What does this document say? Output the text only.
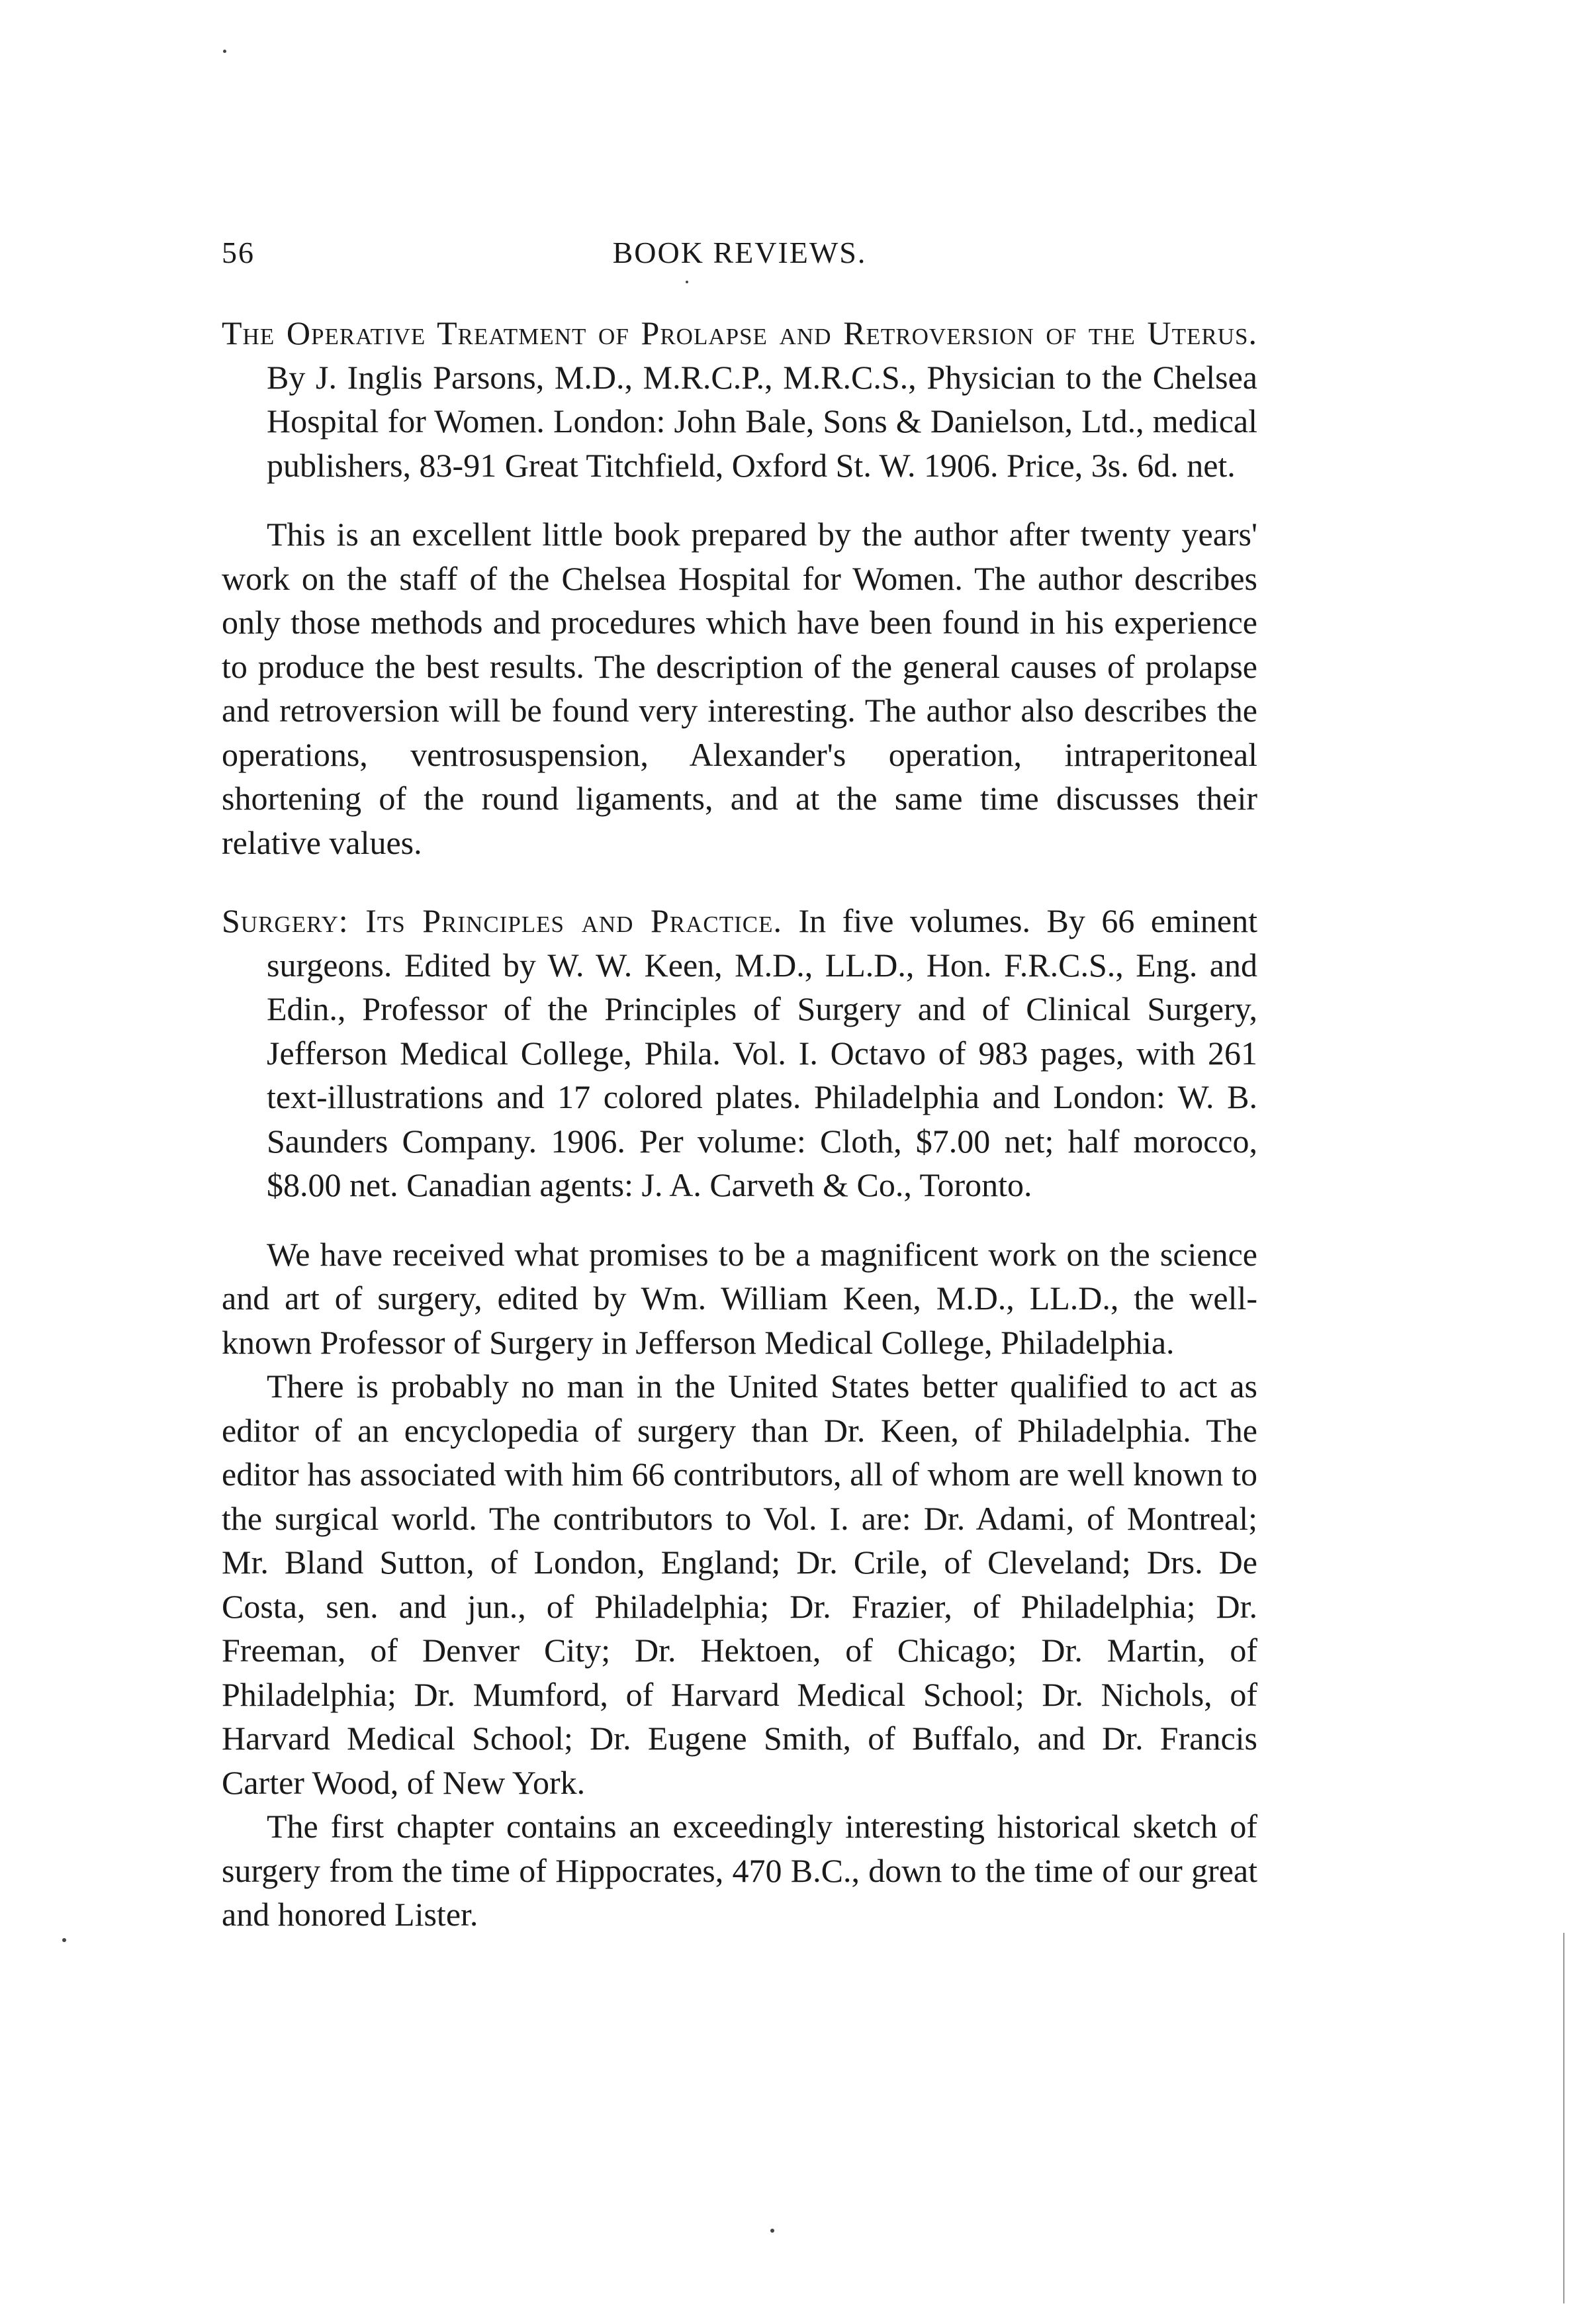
56	BOOK REVIEWS.

The Operative Treatment of Prolapse and Retroversion of the Uterus. By J. Inglis Parsons, M.D., M.R.C.P., M.R.C.S., Physician to the Chelsea Hospital for Women. London: John Bale, Sons & Danielson, Ltd., medical publishers, 83-91 Great Titchfield, Oxford St. W. 1906. Price, 3s. 6d. net.

This is an excellent little book prepared by the author after twenty years' work on the staff of the Chelsea Hospital for Women. The author describes only those methods and procedures which have been found in his experience to produce the best results. The description of the general causes of prolapse and retroversion will be found very interesting. The author also describes the operations, ventrosuspension, Alexander's operation, intraperitoneal shortening of the round ligaments, and at the same time discusses their relative values.

Surgery: Its Principles and Practice. In five volumes. By 66 eminent surgeons. Edited by W. W. Keen, M.D., LL.D., Hon. F.R.C.S., Eng. and Edin., Professor of the Principles of Surgery and of Clinical Surgery, Jefferson Medical College, Phila. Vol. I. Octavo of 983 pages, with 261 text-illustrations and 17 colored plates. Philadelphia and London: W. B. Saunders Company. 1906. Per volume: Cloth, $7.00 net; half morocco, $8.00 net. Canadian agents: J. A. Carveth & Co., Toronto.

We have received what promises to be a magnificent work on the science and art of surgery, edited by Wm. William Keen, M.D., LL.D., the well-known Professor of Surgery in Jefferson Medical College, Philadelphia.

There is probably no man in the United States better qualified to act as editor of an encyclopedia of surgery than Dr. Keen, of Philadelphia. The editor has associated with him 66 contributors, all of whom are well known to the surgical world. The contributors to Vol. I. are: Dr. Adami, of Montreal; Mr. Bland Sutton, of London, England; Dr. Crile, of Cleveland; Drs. De Costa, sen. and jun., of Philadelphia; Dr. Frazier, of Philadelphia; Dr. Freeman, of Denver City; Dr. Hektoen, of Chicago; Dr. Martin, of Philadelphia; Dr. Mumford, of Harvard Medical School; Dr. Nichols, of Harvard Medical School; Dr. Eugene Smith, of Buffalo, and Dr. Francis Carter Wood, of New York.

The first chapter contains an exceedingly interesting historical sketch of surgery from the time of Hippocrates, 470 B.C., down to the time of our great and honored Lister.
